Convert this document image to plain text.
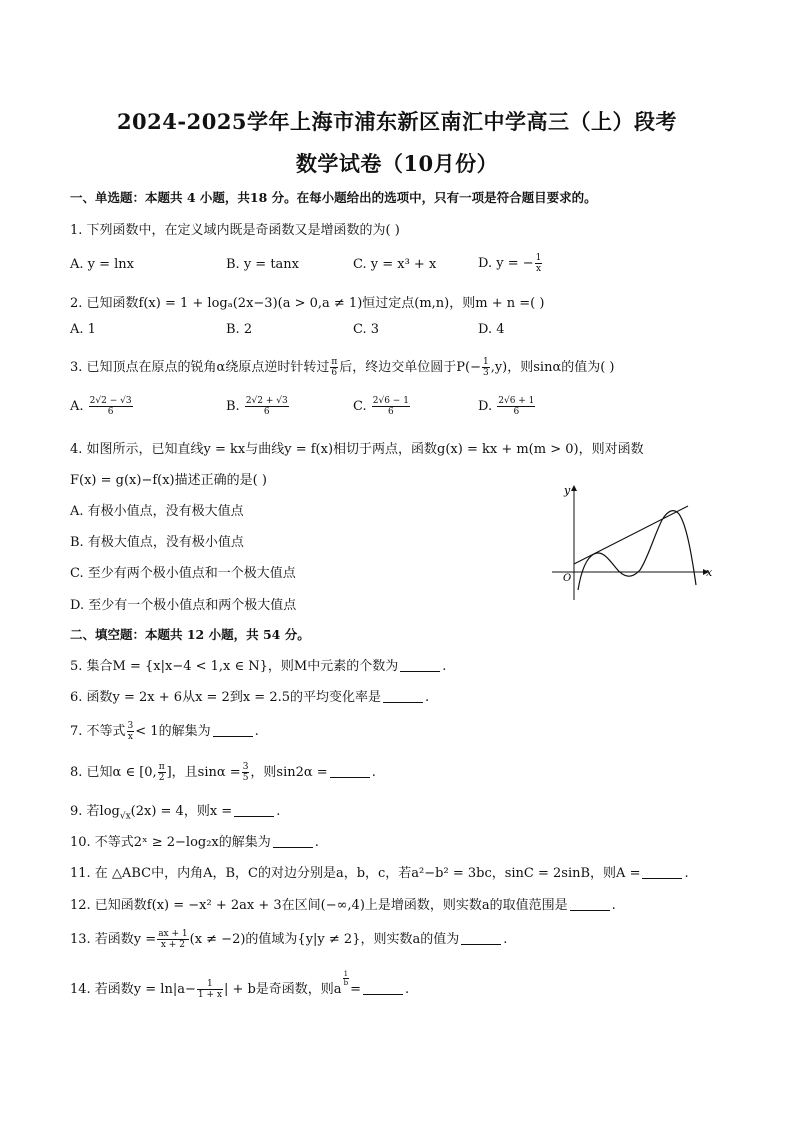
2024-2025学年上海市浦东新区南汇中学高三（上）段考
数学试卷（10月份）
一、单选题：本题共 4 小题，共18 分。在每小题给出的选项中，只有一项是符合题目要求的。
1. 下列函数中，在定义域内既是奇函数又是增函数的为( )
A. y = lnx	B. y = tanx	C. y = x³ + x	D. y = − $\frac{1}{x}$
2. 已知函数f(x) = 1 + logₐ(2x−3)(a > 0,a ≠ 1)恒过定点(m,n)，则m + n =( )
A. 1	B. 2	C. 3	D. 4
3. 已知顶点在原点的锐角α绕原点逆时针转过 $\frac{\pi}{6}$ 后，终边交单位圆于$P(- \frac{1}{3} ,y)$，则sinα的值为( )
A. $\frac{2√2 - √3}{6}$	B. $\frac{2√2 + √3}{6}$	C. $\frac{2√6 - 1}{6}$	D. $\frac{2√6 + 1}{6}$
4. 如图所示，已知直线y = kx与曲线y = f(x)相切于两点，函数g(x) = kx + m(m > 0)，则对函数
F(x) = g(x)−f(x)描述正确的是( )
A. 有极小值点，没有极大值点
B. 有极大值点，没有极小值点
C. 至少有两个极小值点和一个极大值点
D. 至少有一个极小值点和两个极大值点
y
x
O
二、填空题：本题共 12 小题，共 54 分。
5. 集合M = {x|x−4 < 1,x ∈ N}，则M中元素的个数为	.
6. 函数y = 2x + 6从x = 2到x = 2.5的平均变化率是	.
7. 不等式 $\frac{3}{x} < 1$的解集为	.
8. 已知α ∈ [0, $\frac{\pi}{2}$ ]，且$\sin\alpha = \frac{3}{5}$ ，则sin2α =	.
9. 若$\log_{√x}(2x) = 4$，则x =	.
10. 不等式2ˣ ≥ 2−log₂x的解集为	.
11. 在 △ABC中，内角A，B，C的对边分别是a，b，c，若a²−b² = 3bc，sinC = 2sinB，则A =	.
12. 已知函数f(x) = −x² + 2ax + 3在区间(−∞,4)上是增函数，则实数a的取值范围是	.
13. 若函数$y = \frac{ax + 1}{x + 2} (x \ne -2)$的值域为{y|y ≠ 2}，则实数a的值为	.
14. 若函数$y = \ln|a- \frac{1}{1 + x}$ | + b是奇函数，则a
$^{\frac{1}{b}}$
=	.
